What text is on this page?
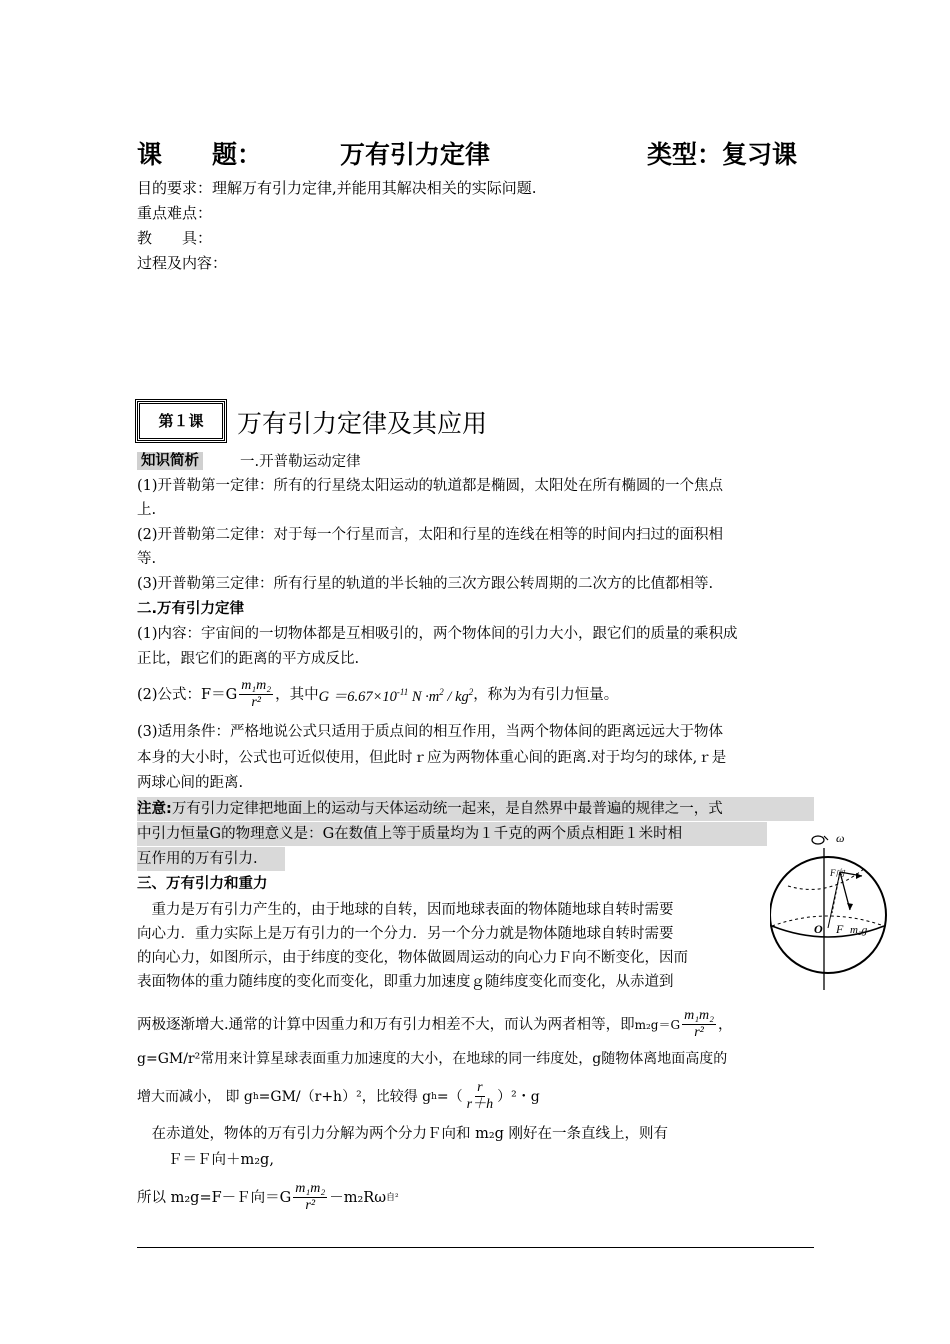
课　　题：	万有引力定律	类型：复习课
目的要求：理解万有引力定律,并能用其解决相关的实际问题.
重点难点：
教　　具：
过程及内容：
第１课	万有引力定律及其应用
知识简析	一.开普勒运动定律
(1)开普勒第一定律：所有的行星绕太阳运动的轨道都是椭圆，太阳处在所有椭圆的一个焦点
上.
(2)开普勒第二定律：对于每一个行星而言，太阳和行星的连线在相等的时间内扫过的面积相
等.
(3)开普勒第三定律：所有行星的轨道的半长轴的三次方跟公转周期的二次方的比值都相等.
二.万有引力定律
(1)内容：宇宙间的一切物体都是互相吸引的，两个物体间的引力大小，跟它们的质量的乘积成
正比，跟它们的距离的平方成反比.
(2)公式：$F=G \frac{\text{m₁m₂}}{\text{r²}}$ ，其中 $G =6.67\times 10^{-11}$ $N \cdot m^2 / kg^2$ ，称为为有引力恒量。
(3)适用条件：严格地说公式只适用于质点间的相互作用，当两个物体间的距离远远大于物体
本身的大小时，公式也可近似使用，但此时ｒ应为两物体重心间的距离.对于均匀的球体,ｒ是
两球心间的距离.
注意:万有引力定律把地面上的运动与天体运动统一起来，是自然界中最普遍的规律之一，式
中引力恒量G的物理意义是：G在数值上等于质量均为１千克的两个质点相距１米时相
互作用的万有引力.
三、万有引力和重力
　重力是万有引力产生的，由于地球的自转，因而地球表面的物体随地球自转时需要
向心力．重力实际上是万有引力的一个分力．另一个分力就是物体随地球自转时需要
的向心力，如图所示，由于纬度的变化，物体做圆周运动的向心力Ｆ向不断变化，因而
表面物体的重力随纬度的变化而变化，即重力加速度ｇ随纬度变化而变化，从赤道到
两极逐渐增大.通常的计算中因重力和万有引力相差不大，而认为两者相等，即 $m_2g=G \frac{\text{m₁m₂}}{\text{r²}}$ ，
g=GM/r²常用来计算星球表面重力加速度的大小，在地球的同一纬度处，g随物体离地面高度的
增大而减小， 即 g h =GM/（r+h）²，比较得 g h =（ $\frac{r}{r+h} )^2$・g
　在赤道处，物体的万有引力分解为两个分力Ｆ向和 m₂g 刚好在一条直线上，则有
Ｆ＝Ｆ向＋m₂g,
所以 m₂g=F－Ｆ向$=G \frac{\text{m₁m₂}}{\text{r²}} -m_2R\omega$ 自 ²
ω
F向
O F m₂g
